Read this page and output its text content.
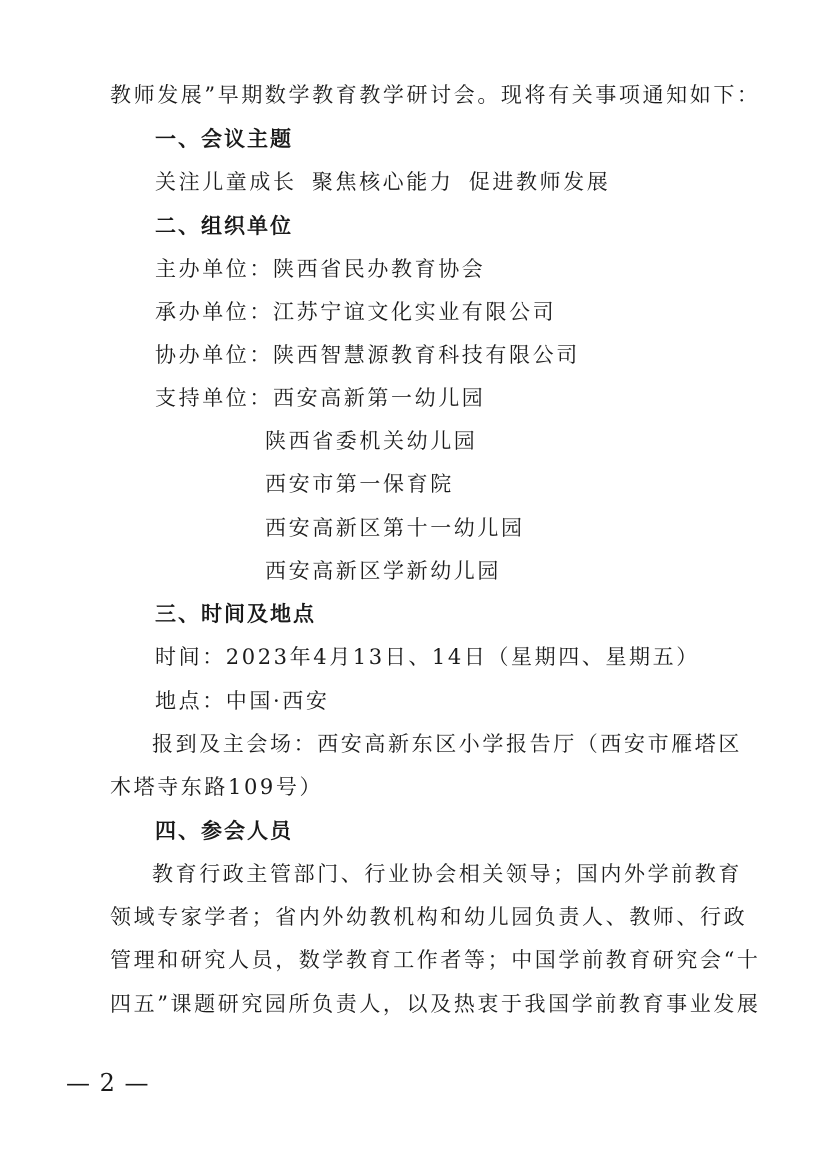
教师发展”早期数学教育教学研讨会。现将有关事项通知如下：
一、会议主题
关注儿童成长 聚焦核心能力 促进教师发展
二、组织单位
主办单位：陕西省民办教育协会
承办单位：江苏宁谊文化实业有限公司
协办单位：陕西智慧源教育科技有限公司
支持单位：西安高新第一幼儿园
陕西省委机关幼儿园
西安市第一保育院
西安高新区第十一幼儿园
西安高新区学新幼儿园
三、时间及地点
时间：2023年4月13日、14日（星期四、星期五）
地点：中国·西安
报到及主会场：西安高新东区小学报告厅（西安市雁塔区
木塔寺东路109号）
四、参会人员
教育行政主管部门、行业协会相关领导；国内外学前教育
领域专家学者；省内外幼教机构和幼儿园负责人、教师、行政
管理和研究人员，数学教育工作者等；中国学前教育研究会“十
四五”课题研究园所负责人，以及热衷于我国学前教育事业发展
— 2 —
